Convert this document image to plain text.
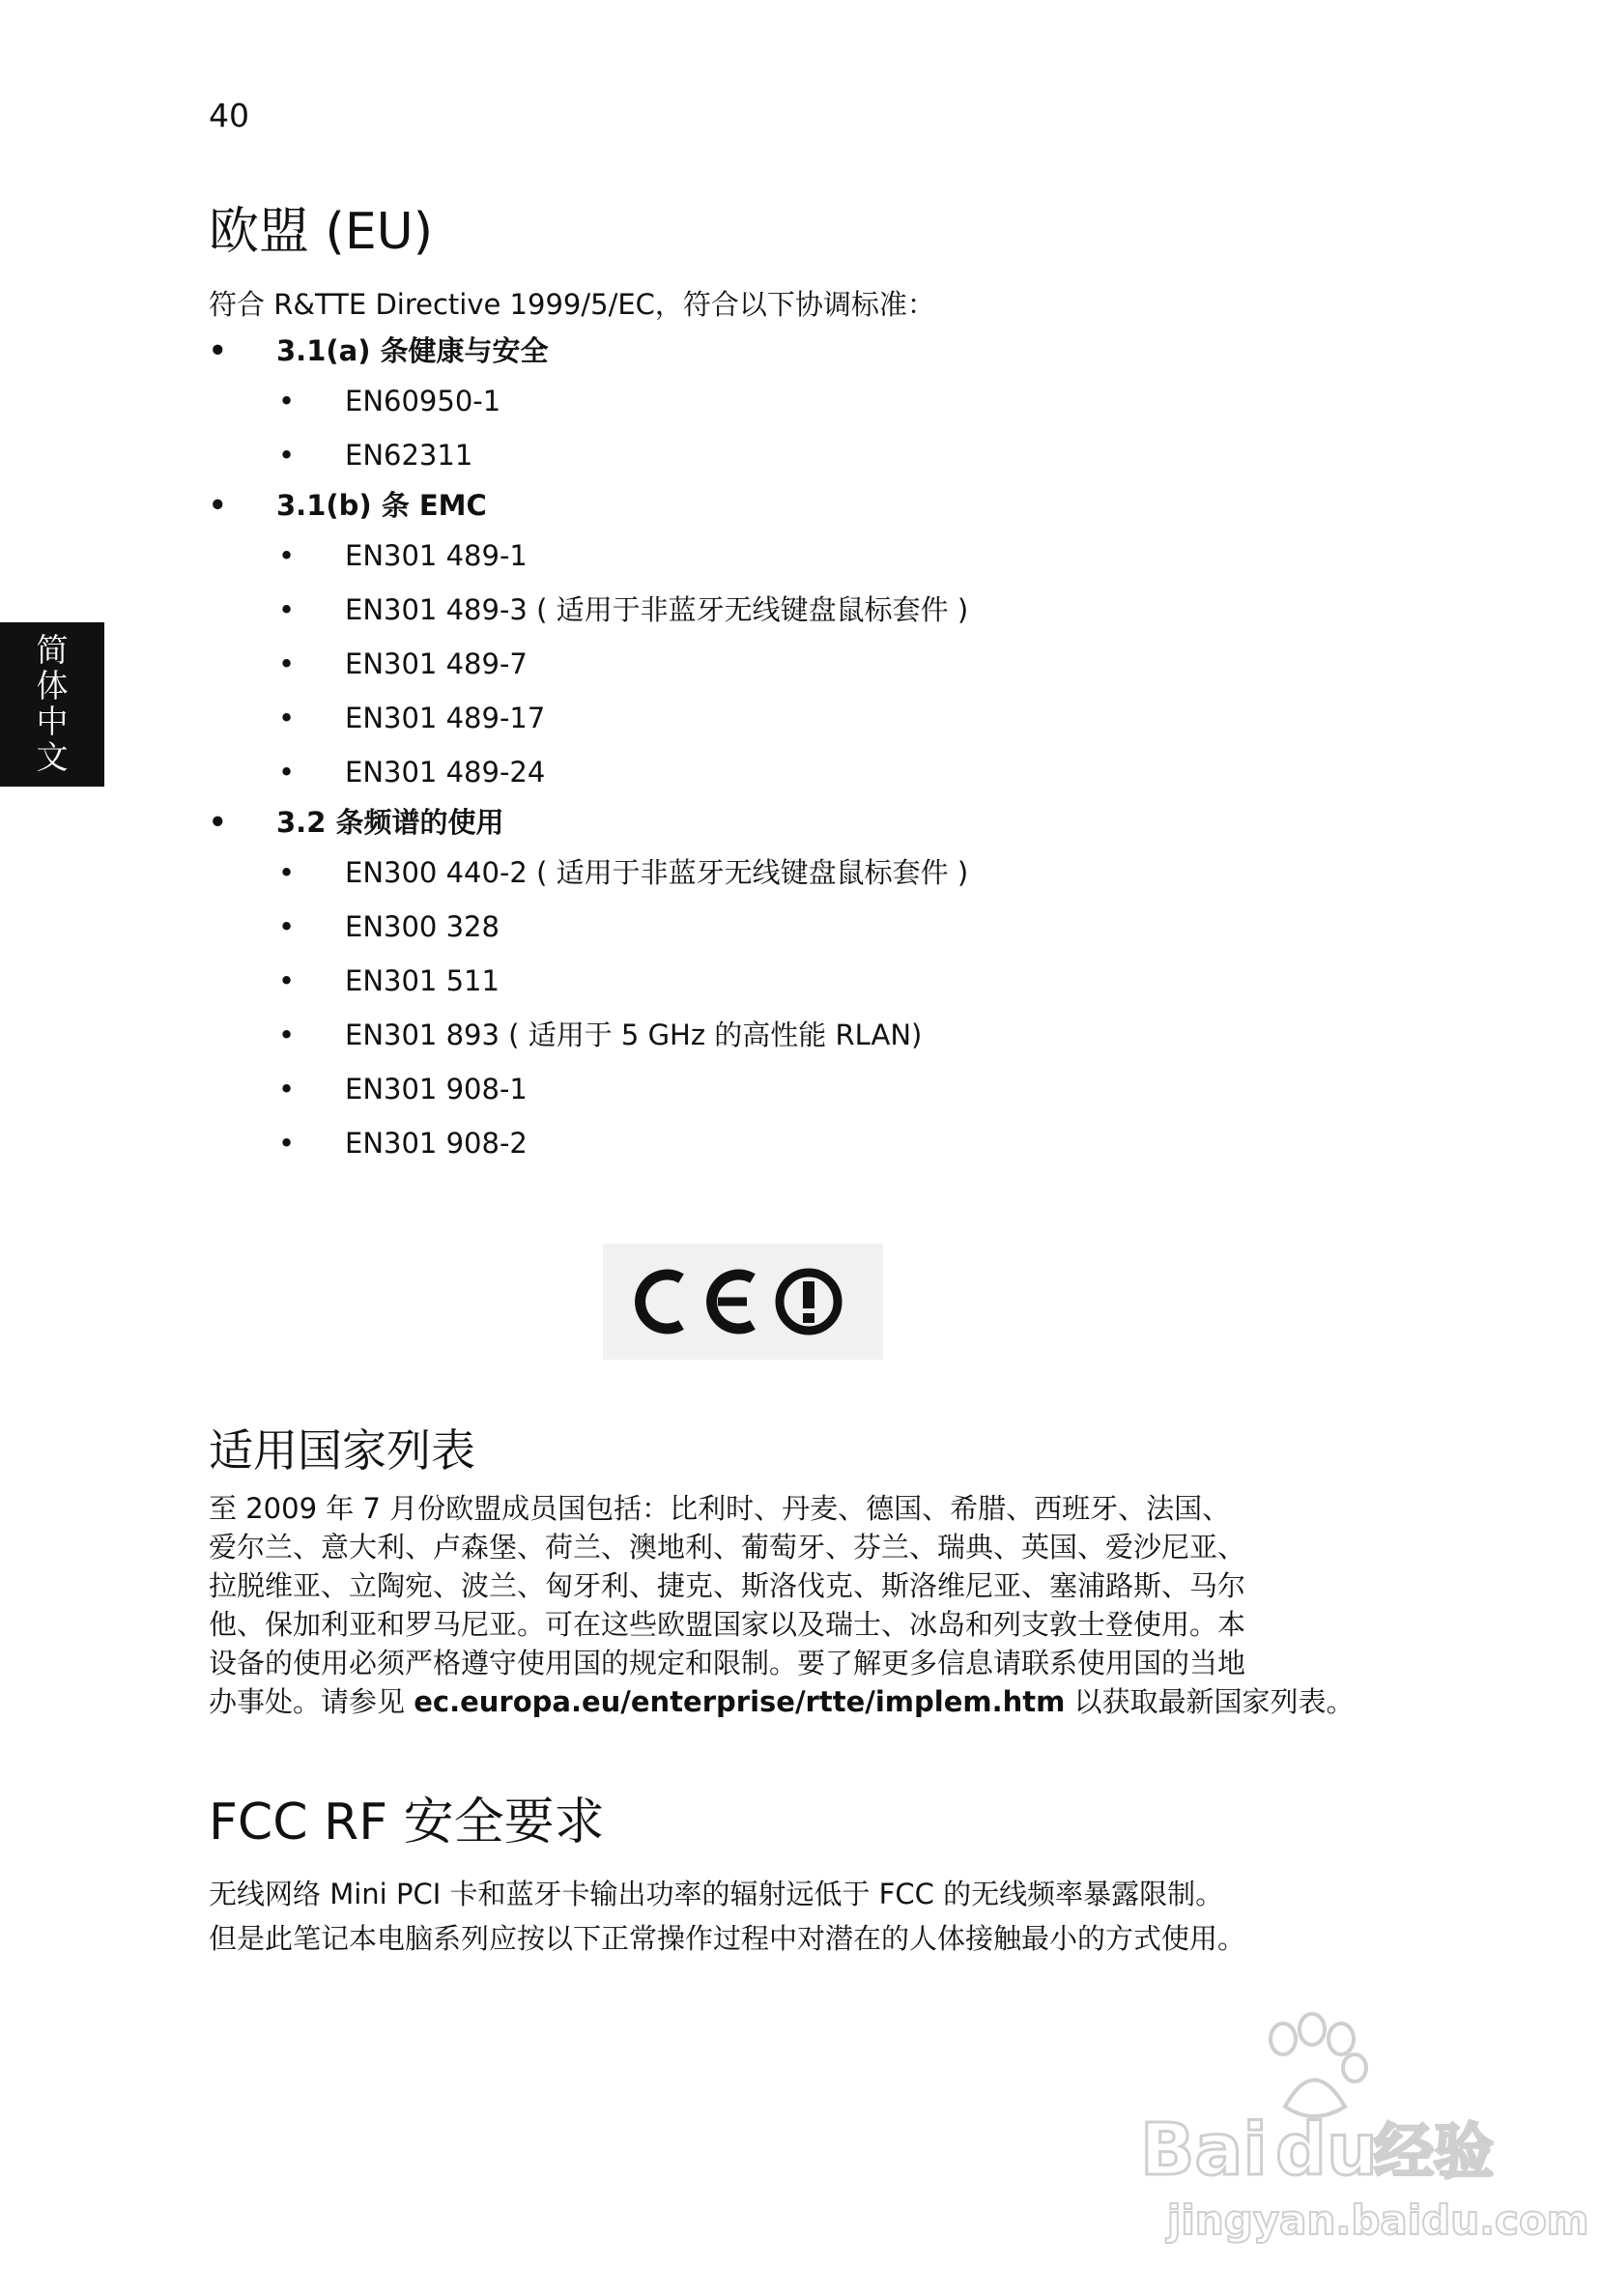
40
简
体
中
文
欧盟 (EU)

符合 R&TTE Directive 1999/5/EC，符合以下协调标准：

• 3.1(a) 条健康与安全
• EN60950-1
• EN62311
• 3.1(b) 条 EMC
• EN301 489-1
• EN301 489-3 ( 适用于非蓝牙无线键盘鼠标套件 )
• EN301 489-7
• EN301 489-17
• EN301 489-24
• 3.2 条频谱的使用
• EN300 440-2 ( 适用于非蓝牙无线键盘鼠标套件 )
• EN300 328
• EN301 511
• EN301 893 ( 适用于 5 GHz 的高性能 RLAN)
• EN301 908-1
• EN301 908-2
适用国家列表

至 2009 年 7 月份欧盟成员国包括：比利时、丹麦、德国、希腊、西班牙、法国、
爱尔兰、意大利、卢森堡、荷兰、澳地利、葡萄牙、芬兰、瑞典、英国、爱沙尼亚、
拉脱维亚、立陶宛、波兰、匈牙利、捷克、斯洛伐克、斯洛维尼亚、塞浦路斯、马尔
他、保加利亚和罗马尼亚。可在这些欧盟国家以及瑞士、冰岛和列支敦士登使用。本
设备的使用必须严格遵守使用国的规定和限制。要了解更多信息请联系使用国的当地
办事处。请参见 ec.europa.eu/enterprise/rtte/implem.htm 以获取最新国家列表。

FCC RF 安全要求

无线网络 Mini PCI 卡和蓝牙卡输出功率的辐射远低于 FCC 的无线频率暴露限制。
但是此笔记本电脑系列应按以下正常操作过程中对潜在的人体接触最小的方式使用。

Bai du
经验
jingyan.baidu.com
